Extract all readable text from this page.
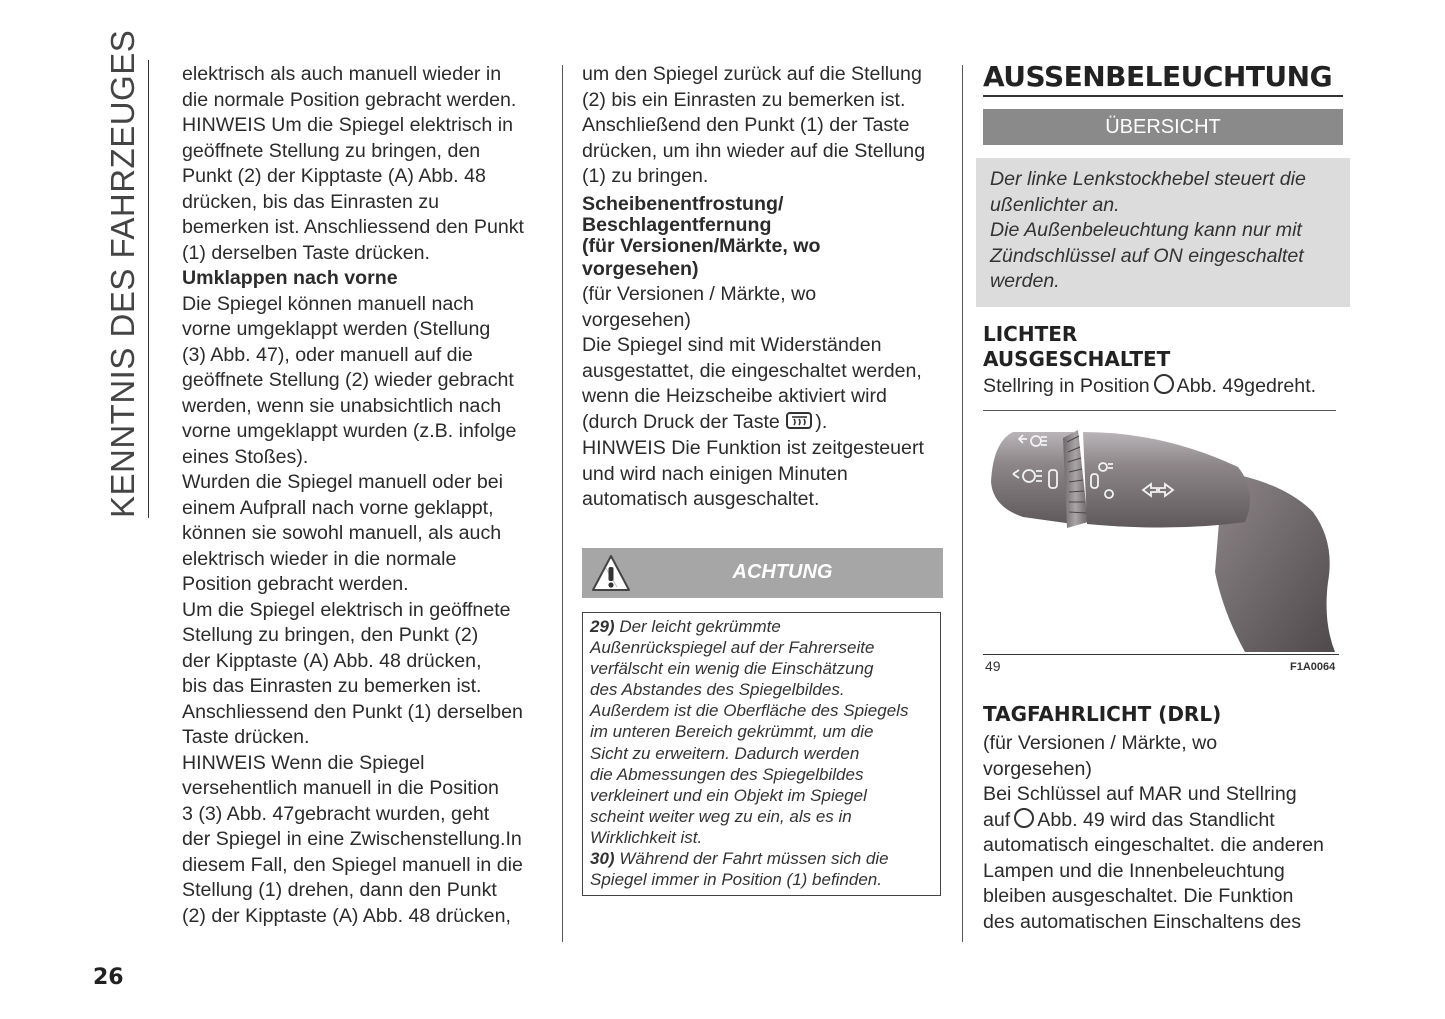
KENNTNIS DES FAHRZEUGES elektrisch als auch manuell wieder in
die normale Position gebracht werden.
HINWEIS Um die Spiegel elektrisch in
geöffnete Stellung zu bringen, den
Punkt (2) der Kipptaste (A) Abb. 48
drücken, bis das Einrasten zu
bemerken ist. Anschliessend den Punkt
(1) derselben Taste drücken.

Umklappen nach vorne

Die Spiegel können manuell nach
vorne umgeklappt werden (Stellung
(3) Abb. 47), oder manuell auf die
geöffnete Stellung (2) wieder gebracht
werden, wenn sie unabsichtlich nach
vorne umgeklappt wurden (z.B. infolge
eines Stoßes).
Wurden die Spiegel manuell oder bei
einem Aufprall nach vorne geklappt,
können sie sowohl manuell, als auch
elektrisch wieder in die normale
Position gebracht werden.
Um die Spiegel elektrisch in geöffnete
Stellung zu bringen, den Punkt (2)
der Kipptaste (A) Abb. 48 drücken,
bis das Einrasten zu bemerken ist.
Anschliessend den Punkt (1) derselben
Taste drücken.
HINWEIS Wenn die Spiegel
versehentlich manuell in die Position
3 (3) Abb. 47gebracht wurden, geht
der Spiegel in eine Zwischenstellung.In
diesem Fall, den Spiegel manuell in die
Stellung (1) drehen, dann den Punkt
(2) der Kipptaste (A) Abb. 48 drücken,
um den Spiegel zurück auf die Stellung
(2) bis ein Einrasten zu bemerken ist.
Anschließend den Punkt (1) der Taste
drücken, um ihn wieder auf die Stellung
(1) zu bringen.
Scheibenentfrostung/
Beschlagentfernung
(für Versionen/Märkte, wo

vorgesehen)

(für Versionen / Märkte, wo
vorgesehen)
Die Spiegel sind mit Widerständen
ausgestattet, die eingeschaltet werden,
wenn die Heizscheibe aktiviert wird

(durch Druck der Taste ).

HINWEIS Die Funktion ist zeitgesteuert
und wird nach einigen Minuten
automatisch ausgeschaltet.
ACHTUNG

29) Der leicht gekrümmte
Außenrückspiegel auf der Fahrerseite
verfälscht ein wenig die Einschätzung
des Abstandes des Spiegelbildes.
Außerdem ist die Oberfläche des Spiegels
im unteren Bereich gekrümmt, um die
Sicht zu erweitern. Dadurch werden
die Abmessungen des Spiegelbildes
verkleinert und ein Objekt im Spiegel
scheint weiter weg zu ein, als es in
Wirklichkeit ist.

30) Während der Fahrt müssen sich die
Spiegel immer in Position (1) befinden.

AUSSENBELEUCHTUNG
ÜBERSICHT
Der linke Lenkstockhebel steuert die
ußenlichter an.
Die Außenbeleuchtung kann nur mit
Zündschlüssel auf ON eingeschaltet
werden.

LICHTER

AUSGESCHALTET

Stellring in Position Abb. 49gedreht.

49	F1A0064

TAGFAHRLICHT (DRL)

(für Versionen / Märkte, wo
vorgesehen)
Bei Schlüssel auf MAR und Stellring

auf Abb. 49 wird das Standlicht

automatisch eingeschaltet. die anderen
Lampen und die Innenbeleuchtung
bleiben ausgeschaltet. Die Funktion
des automatischen Einschaltens des
26
